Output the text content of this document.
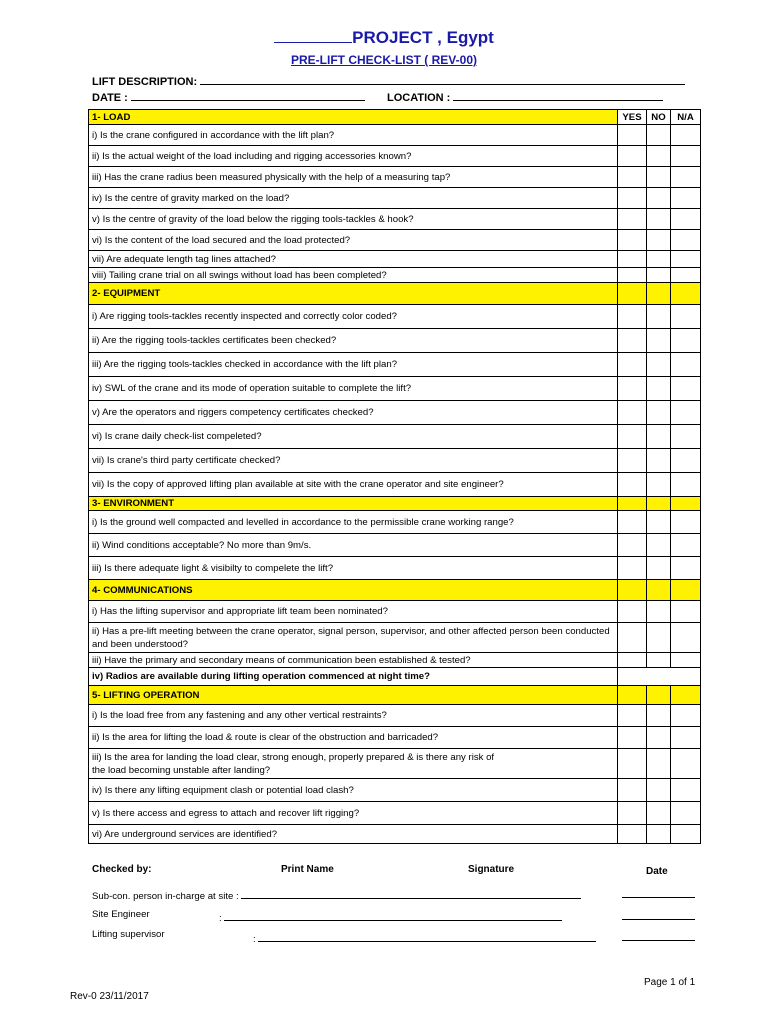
PROJECT , Egypt
PRE-LIFT CHECK-LIST ( REV-00)
LIFT DESCRIPTION:
DATE :	LOCATION :
1- LOAD	YES	NO	N/A
i) Is the crane configured in accordance with the lift plan?			
ii) Is the actual weight of the load including and rigging accessories known?			
iii) Has the crane radius been measured physically with the help of a measuring tap?			
iv) Is the centre of gravity marked on the load?			
v) Is the centre of gravity of the load below the rigging tools-tackles & hook?			
vi) Is the content of the load secured and the load protected?			
vii) Are adequate length tag lines attached?			
viii) Tailing crane trial on all swings without load has been completed?			
2- EQUIPMENT			
i) Are rigging tools-tackles recently inspected and correctly color coded?			
ii) Are the rigging tools-tackles certificates been checked?			
iii) Are the rigging tools-tackles checked in accordance with the lift plan?			
iv) SWL of the crane and its mode of operation suitable to complete the lift?			
v) Are the operators and riggers competency certificates checked?			
vi) Is crane daily check-list compeleted?			
vii) Is crane's third party certificate checked?			
vii) Is the copy of approved lifting plan available at site with the crane operator and site engineer?			
3- ENVIRONMENT			
i) Is the ground well compacted and levelled in accordance to the permissible crane working range?			
ii) Wind conditions acceptable? No more than 9m/s.			
iii) Is there adequate light & visibilty to compelete the lift?			
4- COMMUNICATIONS			
i) Has the lifting supervisor and appropriate lift team been nominated?			
ii) Has a pre-lift meeting between the crane operator, signal person, supervisor, and other affected person been conducted and been understood?			
iii) Have the primary and secondary means of communication been established & tested?			
iv) Radios are available during lifting operation commenced at night time?			
5- LIFTING OPERATION			
i) Is the load free from any fastening and any other vertical restraints?			
ii) Is the area for lifting the load & route is clear of the obstruction and barricaded?			
iii) Is the area for landing the load clear, strong enough, properly prepared & is there any risk of the load becoming unstable after landing?			
iv) Is there any lifting equipment clash or potential load clash?			
v) Is there access and egress to attach and recover lift rigging?			
vi) Are underground services are identified?			
Checked by:	Print Name	Signature	Date
Sub-con. person in-charge at site :
Site Engineer	:
Lifting supervisor	:
Page 1 of 1
Rev-0 23/11/2017
